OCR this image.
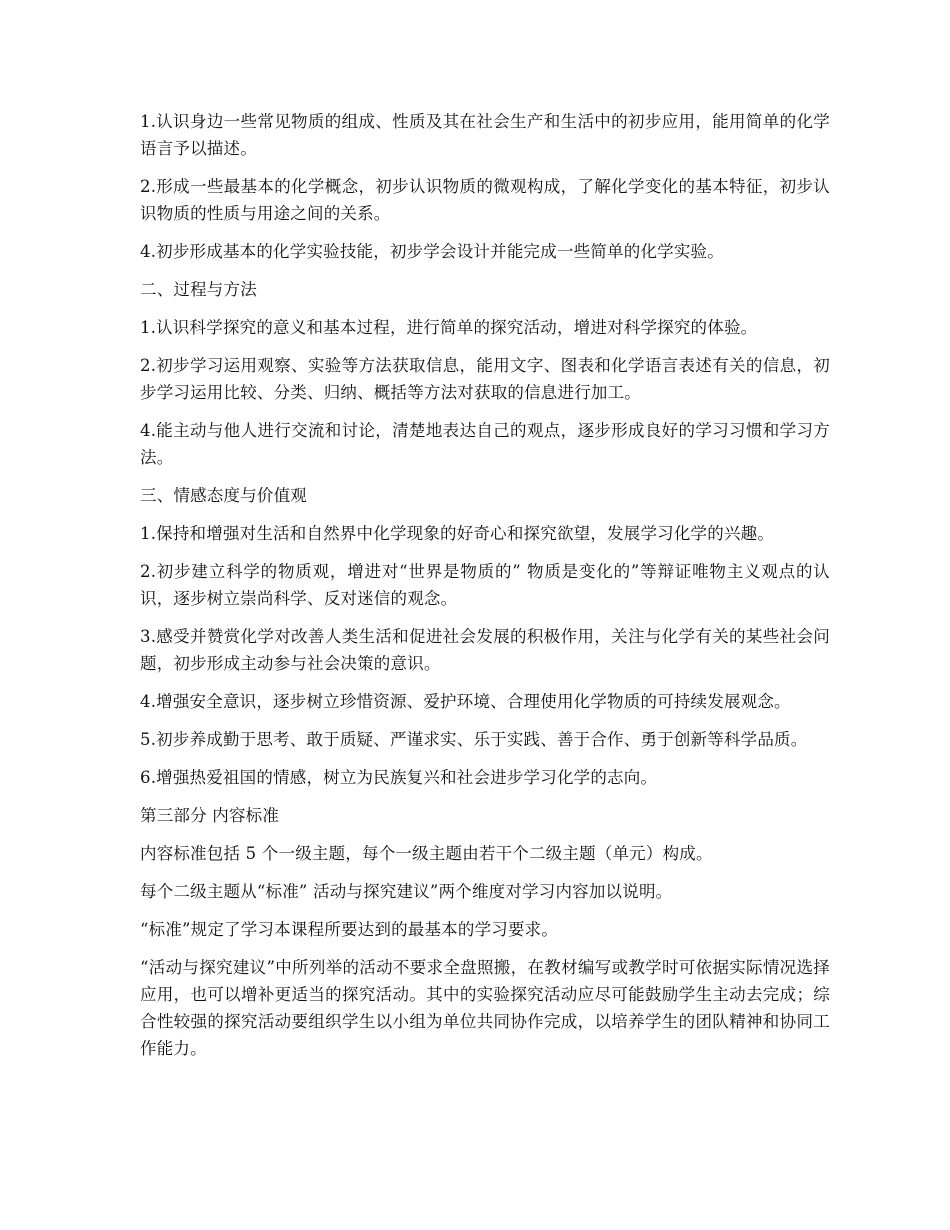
1.认识身边一些常见物质的组成、性质及其在社会生产和生活中的初步应用，能用简单的化学语言予以描述。

2.形成一些最基本的化学概念，初步认识物质的微观构成，了解化学变化的基本特征，初步认识物质的性质与用途之间的关系。

4.初步形成基本的化学实验技能，初步学会设计并能完成一些简单的化学实验。

二、过程与方法

1.认识科学探究的意义和基本过程，进行简单的探究活动，增进对科学探究的体验。

2.初步学习运用观察、实验等方法获取信息，能用文字、图表和化学语言表述有关的信息，初步学习运用比较、分类、归纳、概括等方法对获取的信息进行加工。

4.能主动与他人进行交流和讨论，清楚地表达自己的观点，逐步形成良好的学习习惯和学习方法。

三、情感态度与价值观

1.保持和增强对生活和自然界中化学现象的好奇心和探究欲望，发展学习化学的兴趣。

2.初步建立科学的物质观，增进对“世界是物质的” 物质是变化的”等辩证唯物主义观点的认识，逐步树立崇尚科学、反对迷信的观念。

3.感受并赞赏化学对改善人类生活和促进社会发展的积极作用，关注与化学有关的某些社会问题，初步形成主动参与社会决策的意识。

4.增强安全意识，逐步树立珍惜资源、爱护环境、合理使用化学物质的可持续发展观念。

5.初步养成勤于思考、敢于质疑、严谨求实、乐于实践、善于合作、勇于创新等科学品质。

6.增强热爱祖国的情感，树立为民族复兴和社会进步学习化学的志向。

第三部分 内容标准

内容标准包括 5 个一级主题，每个一级主题由若干个二级主题（单元）构成。

每个二级主题从“标准” 活动与探究建议”两个维度对学习内容加以说明。

“标准”规定了学习本课程所要达到的最基本的学习要求。

“活动与探究建议”中所列举的活动不要求全盘照搬，在教材编写或教学时可依据实际情况选择应用，也可以增补更适当的探究活动。其中的实验探究活动应尽可能鼓励学生主动去完成；综合性较强的探究活动要组织学生以小组为单位共同协作完成，以培养学生的团队精神和协同工作能力。
